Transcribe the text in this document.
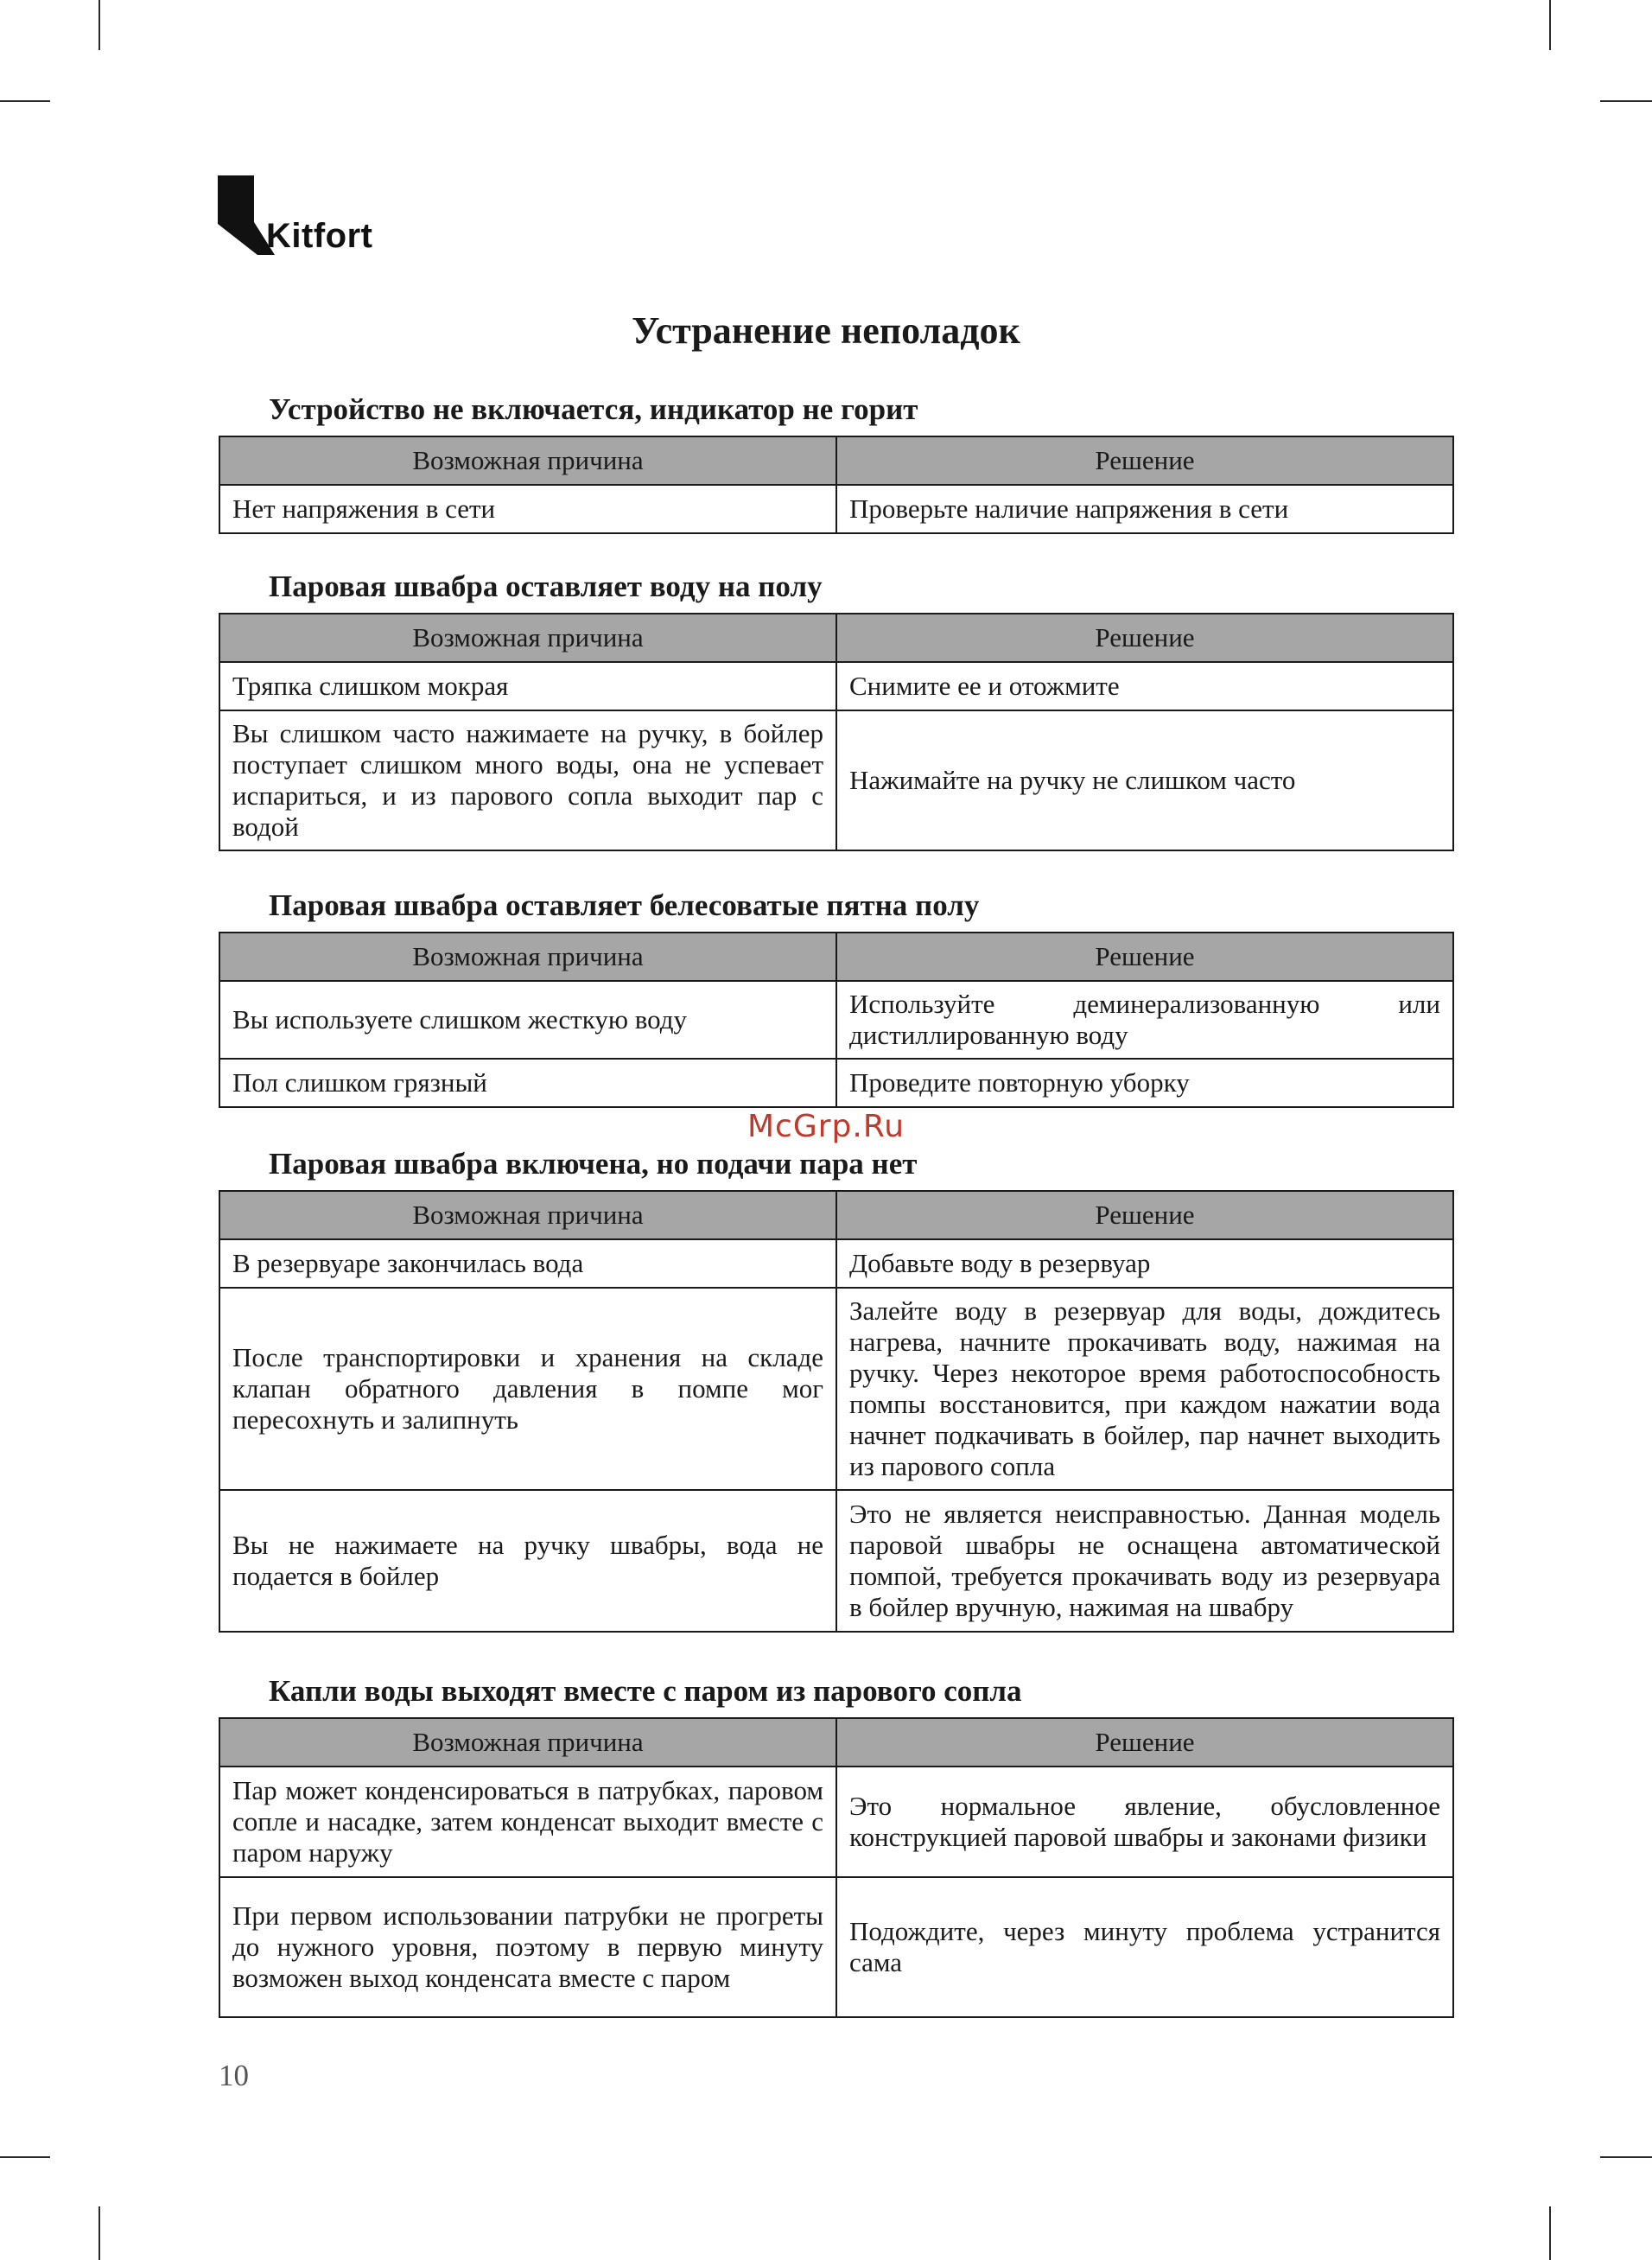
Kitfort
Устранение неполадок
Устройство не включается, индикатор не горит
Возможная причина	Решение
Нет напряжения в сети	Проверьте наличие напряжения в сети
Паровая швабра оставляет воду на полу
Возможная причина	Решение
Тряпка слишком мокрая	Снимите ее и отожмите
Вы слишком часто нажимаете на ручку, в бойлер поступает слишком много воды, она не успевает испариться, и из парового сопла выходит пар с водой	Нажимайте на ручку не слишком часто
Паровая швабра оставляет белесоватые пятна полу
Возможная причина	Решение
Вы используете слишком жесткую воду	Используйте деминерализованную или дистиллированную воду
Пол слишком грязный	Проведите повторную уборку
McGrp.Ru
Паровая швабра включена, но подачи пара нет
Возможная причина	Решение
В резервуаре закончилась вода	Добавьте воду в резервуар
После транспортировки и хранения на складе клапан обратного давления в помпе мог пересохнуть и залипнуть	Залейте воду в резервуар для воды, дождитесь нагрева, начните прокачивать воду, нажимая на ручку. Через некоторое время работоспособность помпы восстановится, при каждом нажатии вода начнет подкачивать в бойлер, пар начнет выходить из парового сопла
Вы не нажимаете на ручку швабры, вода не подается в бойлер	Это не является неисправностью. Данная модель паровой швабры не оснащена автоматической помпой, требуется прокачивать воду из резервуара в бойлер вручную, нажимая на швабру
Капли воды выходят вместе с паром из парового сопла
Возможная причина	Решение
Пар может конденсироваться в патрубках, паровом сопле и насадке, затем конденсат выходит вместе с паром наружу	Это нормальное явление, обусловленное конструкцией паровой швабры и законами физики
При первом использовании патрубки не прогреты до нужного уровня, поэтому в первую минуту возможен выход конденсата вместе с паром	Подождите, через минуту проблема устранится сама
10
